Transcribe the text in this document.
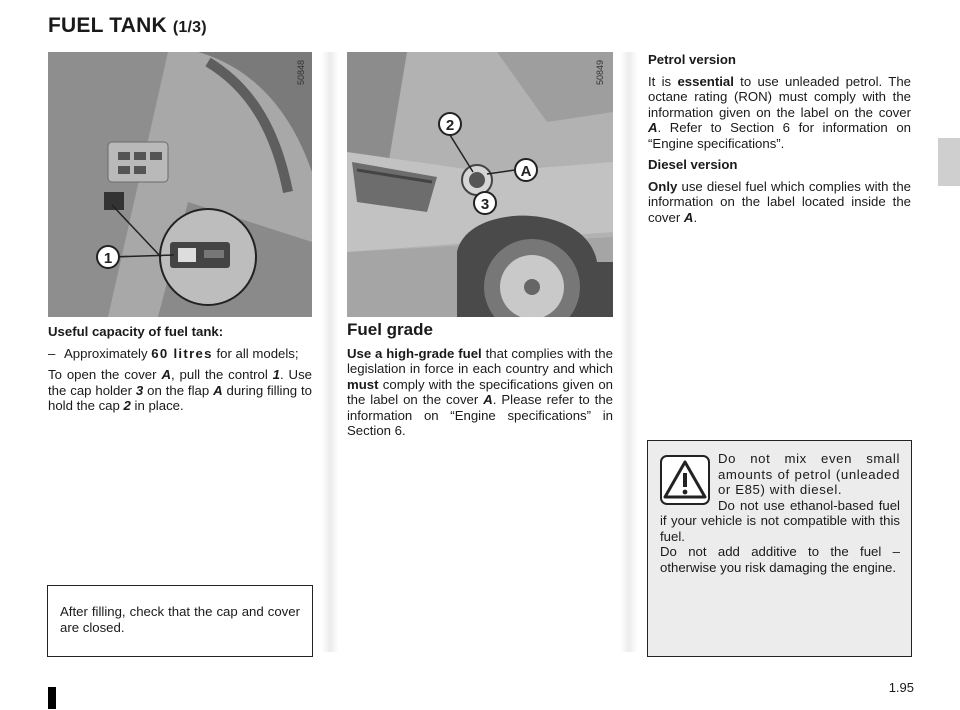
FUEL TANK (1/3)
1
50848
2
A
3
50849

Useful capacity of fuel tank:

– Approximately 60 litres for all models;

To open the cover A, pull the control 1. Use the cap holder 3 on the flap A during filling to hold the cap 2 in place.

After filling, check that the cap and cover are closed.
Fuel grade

Use a high-grade fuel that complies with the legislation in force in each country and which must comply with the specifications given on the label on the cover A. Please refer to the information on “Engine specifications” in Section 6.

Petrol version

It is essential to use unleaded petrol. The octane rating (RON) must comply with the information given on the label on the cover A. Refer to Section 6 for information on “Engine specifications”.

Diesel version

Only use diesel fuel which complies with the information on the label located inside the cover A.

Do not mix even small amounts of petrol (unleaded or E85) with diesel.
Do not use ethanol-based fuel if your vehicle is not compatible with this fuel.
Do not add additive to the fuel – otherwise you risk damaging the engine.
1.95
